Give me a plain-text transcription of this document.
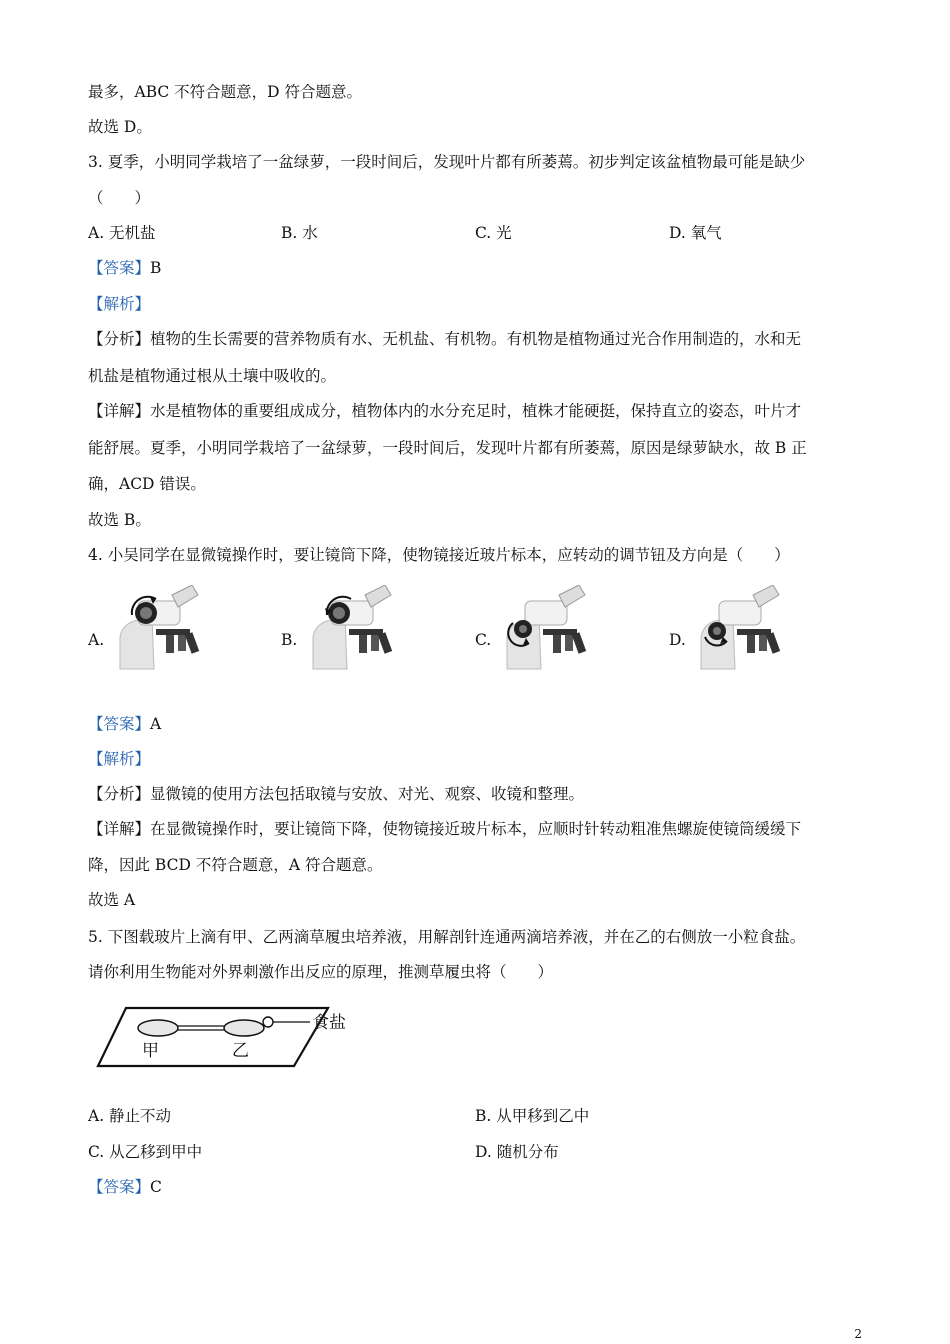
最多，ABC 不符合题意，D 符合题意。
故选 D。
3. 夏季，小明同学栽培了一盆绿萝，一段时间后，发现叶片都有所萎蔫。初步判定该盆植物最可能是缺少
（　　）
A. 无机盐	B. 水	C. 光	D. 氧气
【答案】B
【解析】
【分析】植物的生长需要的营养物质有水、无机盐、有机物。有机物是植物通过光合作用制造的，水和无
机盐是植物通过根从土壤中吸收的。
【详解】水是植物体的重要组成成分，植物体内的水分充足时，植株才能硬挺，保持直立的姿态，叶片才
能舒展。夏季，小明同学栽培了一盆绿萝，一段时间后，发现叶片都有所萎蔫，原因是绿萝缺水，故 B 正
确，ACD 错误。
故选 B。
4. 小吴同学在显微镜操作时，要让镜筒下降，使物镜接近玻片标本，应转动的调节钮及方向是（　　）
A.	B.	C.	D.
【答案】A
【解析】
【分析】显微镜的使用方法包括取镜与安放、对光、观察、收镜和整理。
【详解】在显微镜操作时，要让镜筒下降，使物镜接近玻片标本，应顺时针转动粗准焦螺旋使镜筒缓缓下
降，因此 BCD 不符合题意，A 符合题意。
故选 A
5. 下图载玻片上滴有甲、乙两滴草履虫培养液，用解剖针连通两滴培养液，并在乙的右侧放一小粒食盐。
请你利用生物能对外界刺激作出反应的原理，推测草履虫将（　　）
食盐
甲	乙
A. 静止不动	B. 从甲移到乙中
C. 从乙移到甲中	D. 随机分布
【答案】C
2
